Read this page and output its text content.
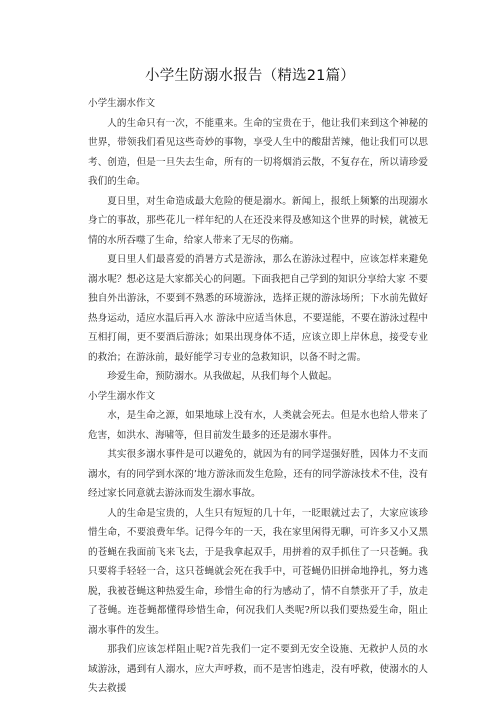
小学生防溺水报告（精选21篇）

小学生溺水作文

人的生命只有一次，不能重来。生命的宝贵在于，他让我们来到这个神秘的世界，带领我们看见这些奇妙的事物，享受人生中的酸甜苦辣，他让我们可以思考、创造，但是一旦失去生命，所有的一切将烟消云散，不复存在，所以请珍爱我们的生命。

夏日里，对生命造成最大危险的便是溺水。新闻上，报纸上频繁的出现溺水身亡的事故，那些花儿一样年纪的人在还没来得及感知这个世界的时候，就被无情的水所吞噬了生命，给家人带来了无尽的伤痛。

夏日里人们最喜爱的消暑方式是游泳，那么在游泳过程中，应该怎样来避免溺水呢？想必这是大家都关心的问题。下面我把自己学到的知识分享给大家 不要独自外出游泳，不要到不熟悉的环境游泳，选择正规的游泳场所；下水前先做好热身运动，适应水温后再入水 游泳中应适当休息，不要逞能，不要在游泳过程中互相打闹，更不要酒后游泳；如果出现身体不适，应该立即上岸休息，接受专业的救治；在游泳前，最好能学习专业的急救知识，以备不时之需。

珍爱生命，预防溺水。从我做起，从我们每个人做起。

小学生溺水作文

水，是生命之源，如果地球上没有水，人类就会死去。但是水也给人带来了危害，如洪水、海啸等，但目前发生最多的还是溺水事件。

其实很多溺水事件是可以避免的，就因为有的同学逞强好胜，因体力不支而溺水，有的同学到水深的’地方游泳而发生危险，还有的同学游泳技术不佳，没有经过家长同意就去游泳而发生溺水事故。

人的生命是宝贵的，人生只有短短的几十年，一眨眼就过去了，大家应该珍惜生命，不要浪费年华。记得今年的一天，我在家里闲得无聊，可许多又小又黑的苍蝇在我面前飞来飞去，于是我拿起双手，用拼着的双手抓住了一只苍蝇。我只要将手轻轻一合，这只苍蝇就会死在我手中，可苍蝇仍旧拼命地挣扎，努力逃脱，我被苍蝇这种热爱生命，珍惜生命的行为感动了，情不自禁张开了手，放走了苍蝇。连苍蝇都懂得珍惜生命，何况我们人类呢?所以我们要热爱生命，阻止溺水事件的发生。

那我们应该怎样阻止呢?首先我们一定不要到无安全设施、无救护人员的水域游泳，遇到有人溺水，应大声呼救，而不是害怕逃走，没有呼救，使溺水的人失去救援
